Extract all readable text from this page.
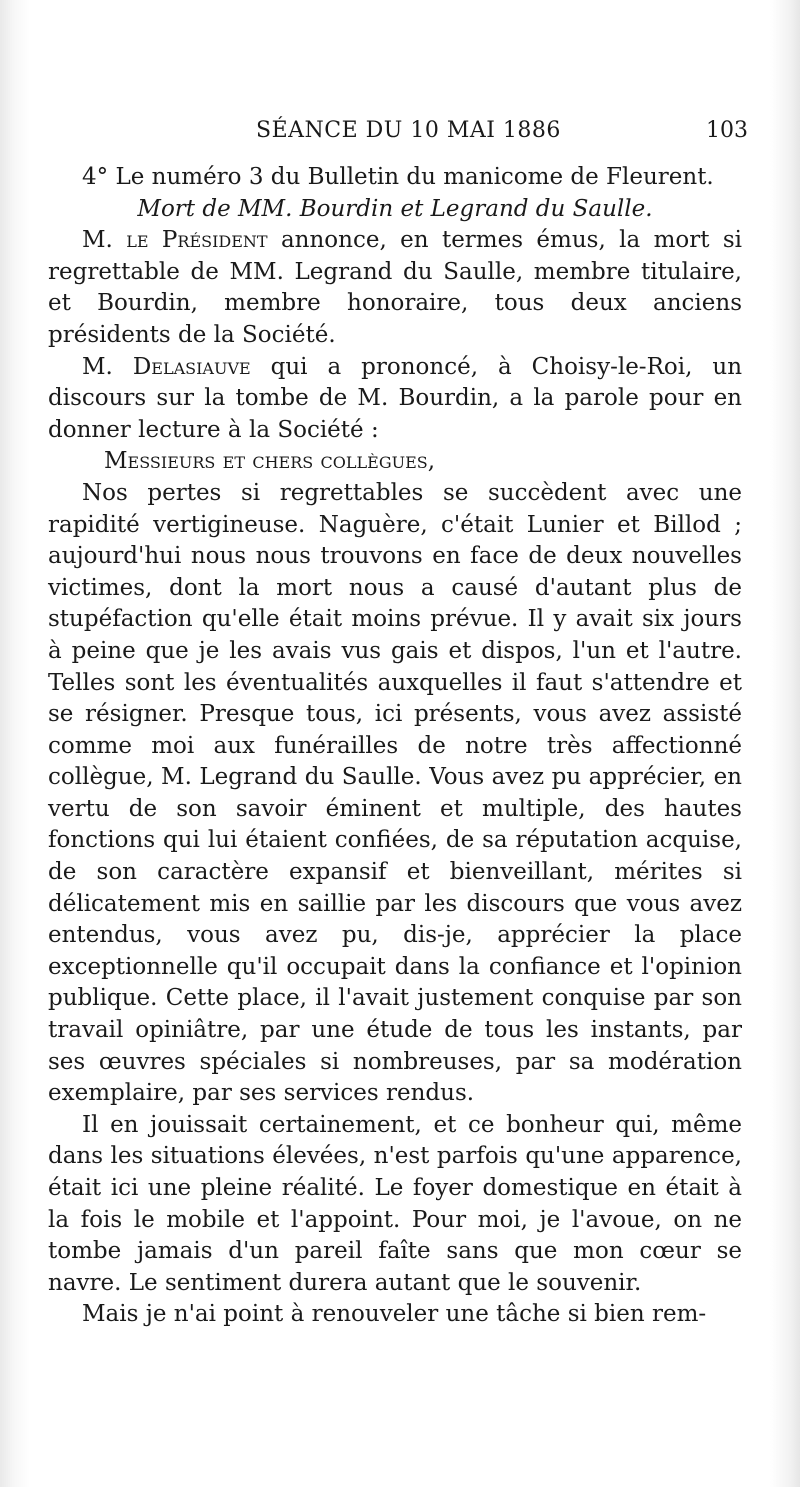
SÉANCE DU 10 MAI 1886	103

4° Le numéro 3 du Bulletin du manicome de Fleurent.

Mort de MM. Bourdin et Legrand du Saulle.

M. le Président annonce, en termes émus, la mort si regrettable de MM. Legrand du Saulle, membre titulaire, et Bourdin, membre honoraire, tous deux anciens présidents de la Société.

M. Delasiauve qui a prononcé, à Choisy-le-Roi, un discours sur la tombe de M. Bourdin, a la parole pour en donner lecture à la Société :

Messieurs et chers collègues,

Nos pertes si regrettables se succèdent avec une rapidité vertigineuse. Naguère, c'était Lunier et Billod ; aujourd'hui nous nous trouvons en face de deux nouvelles victimes, dont la mort nous a causé d'autant plus de stupéfaction qu'elle était moins prévue. Il y avait six jours à peine que je les avais vus gais et dispos, l'un et l'autre. Telles sont les éventualités auxquelles il faut s'attendre et se résigner. Presque tous, ici présents, vous avez assisté comme moi aux funérailles de notre très affectionné collègue, M. Legrand du Saulle. Vous avez pu apprécier, en vertu de son savoir éminent et multiple, des hautes fonctions qui lui étaient confiées, de sa réputation acquise, de son caractère expansif et bienveillant, mérites si délicatement mis en saillie par les discours que vous avez entendus, vous avez pu, dis-je, apprécier la place exceptionnelle qu'il occupait dans la confiance et l'opinion publique. Cette place, il l'avait justement conquise par son travail opiniâtre, par une étude de tous les instants, par ses œuvres spéciales si nombreuses, par sa modération exemplaire, par ses services rendus.

Il en jouissait certainement, et ce bonheur qui, même dans les situations élevées, n'est parfois qu'une apparence, était ici une pleine réalité. Le foyer domestique en était à la fois le mobile et l'appoint. Pour moi, je l'avoue, on ne tombe jamais d'un pareil faîte sans que mon cœur se navre. Le sentiment durera autant que le souvenir.

Mais je n'ai point à renouveler une tâche si bien rem-
